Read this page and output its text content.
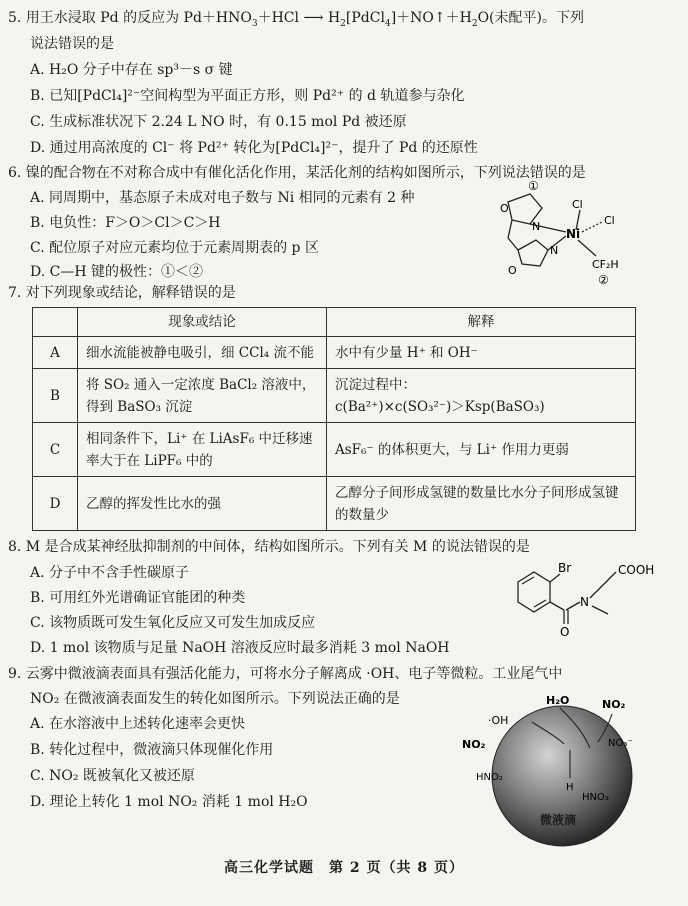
5. 用王水浸取 Pd 的反应为 $Pd+HNO_3+HCl$ ⟶ $H_2[PdCl_4]+NO↑+H_2O$(未配平)。下列
说法错误的是
A. H₂O 分子中存在 sp³－s σ 键
B. 已知[PdCl₄]²⁻空间构型为平面正方形，则 Pd²⁺ 的 d 轨道参与杂化
C. 生成标准状况下 2.24 L NO 时，有 0.15 mol Pd 被还原
D. 通过用高浓度的 Cl⁻ 将 Pd²⁺ 转化为[PdCl₄]²⁻，提升了 Pd 的还原性
6. 镍的配合物在不对称合成中有催化活化作用，某活化剂的结构如图所示，下列说法错误的是
A. 同周期中，基态原子未成对电子数与 Ni 相同的元素有 2 种
B. 电负性：F＞O＞Cl＞C＞H
C. 配位原子对应元素均位于元素周期表的 p 区
D. C—H 键的极性：①＜②
①
O
O
N
N
Ni
Cl
Cl
CF₂H
②
7. 对下列现象或结论，解释错误的是
	现象或结论	解释
A	细水流能被静电吸引，细 CCl₄ 流不能	水中有少量 H⁺ 和 OH⁻
B	将 SO₂ 通入一定浓度 BaCl₂ 溶液中，得到 BaSO₃ 沉淀	沉淀过程中：
c(Ba²⁺)×c(SO₃²⁻)＞Ksp(BaSO₃)

C	相同条件下，Li⁺ 在 LiAsF₆ 中迁移速率大于在 LiPF₆ 中的	AsF₆⁻ 的体积更大，与 Li⁺ 作用力更弱
D	乙醇的挥发性比水的强	乙醇分子间形成氢键的数量比水分子间形成氢键的数量少
8. M 是合成某神经肽抑制剂的中间体，结构如图所示。下列有关 M 的说法错误的是
A. 分子中不含手性碳原子
B. 可用红外光谱确证官能团的种类
C. 该物质既可发生氧化反应又可发生加成反应
D. 1 mol 该物质与足量 NaOH 溶液反应时最多消耗 3 mol NaOH
Br	COOH
N
O
9. 云雾中微液滴表面具有强活化能力，可将水分子解离成 ·OH、电子等微粒。工业尾气中
NO₂ 在微液滴表面发生的转化如图所示。下列说法正确的是
A. 在水溶液中上述转化速率会更快
B. 转化过程中，微液滴只体现催化作用
C. NO₂ 既被氧化又被还原
D. 理论上转化 1 mol NO₂ 消耗 1 mol H₂O
H₂O
·OH
NO₂
NO₂	NO₃⁻
HNO₂
H
HNO₃
微液滴
高三化学试题　第 2 页（共 8 页）
